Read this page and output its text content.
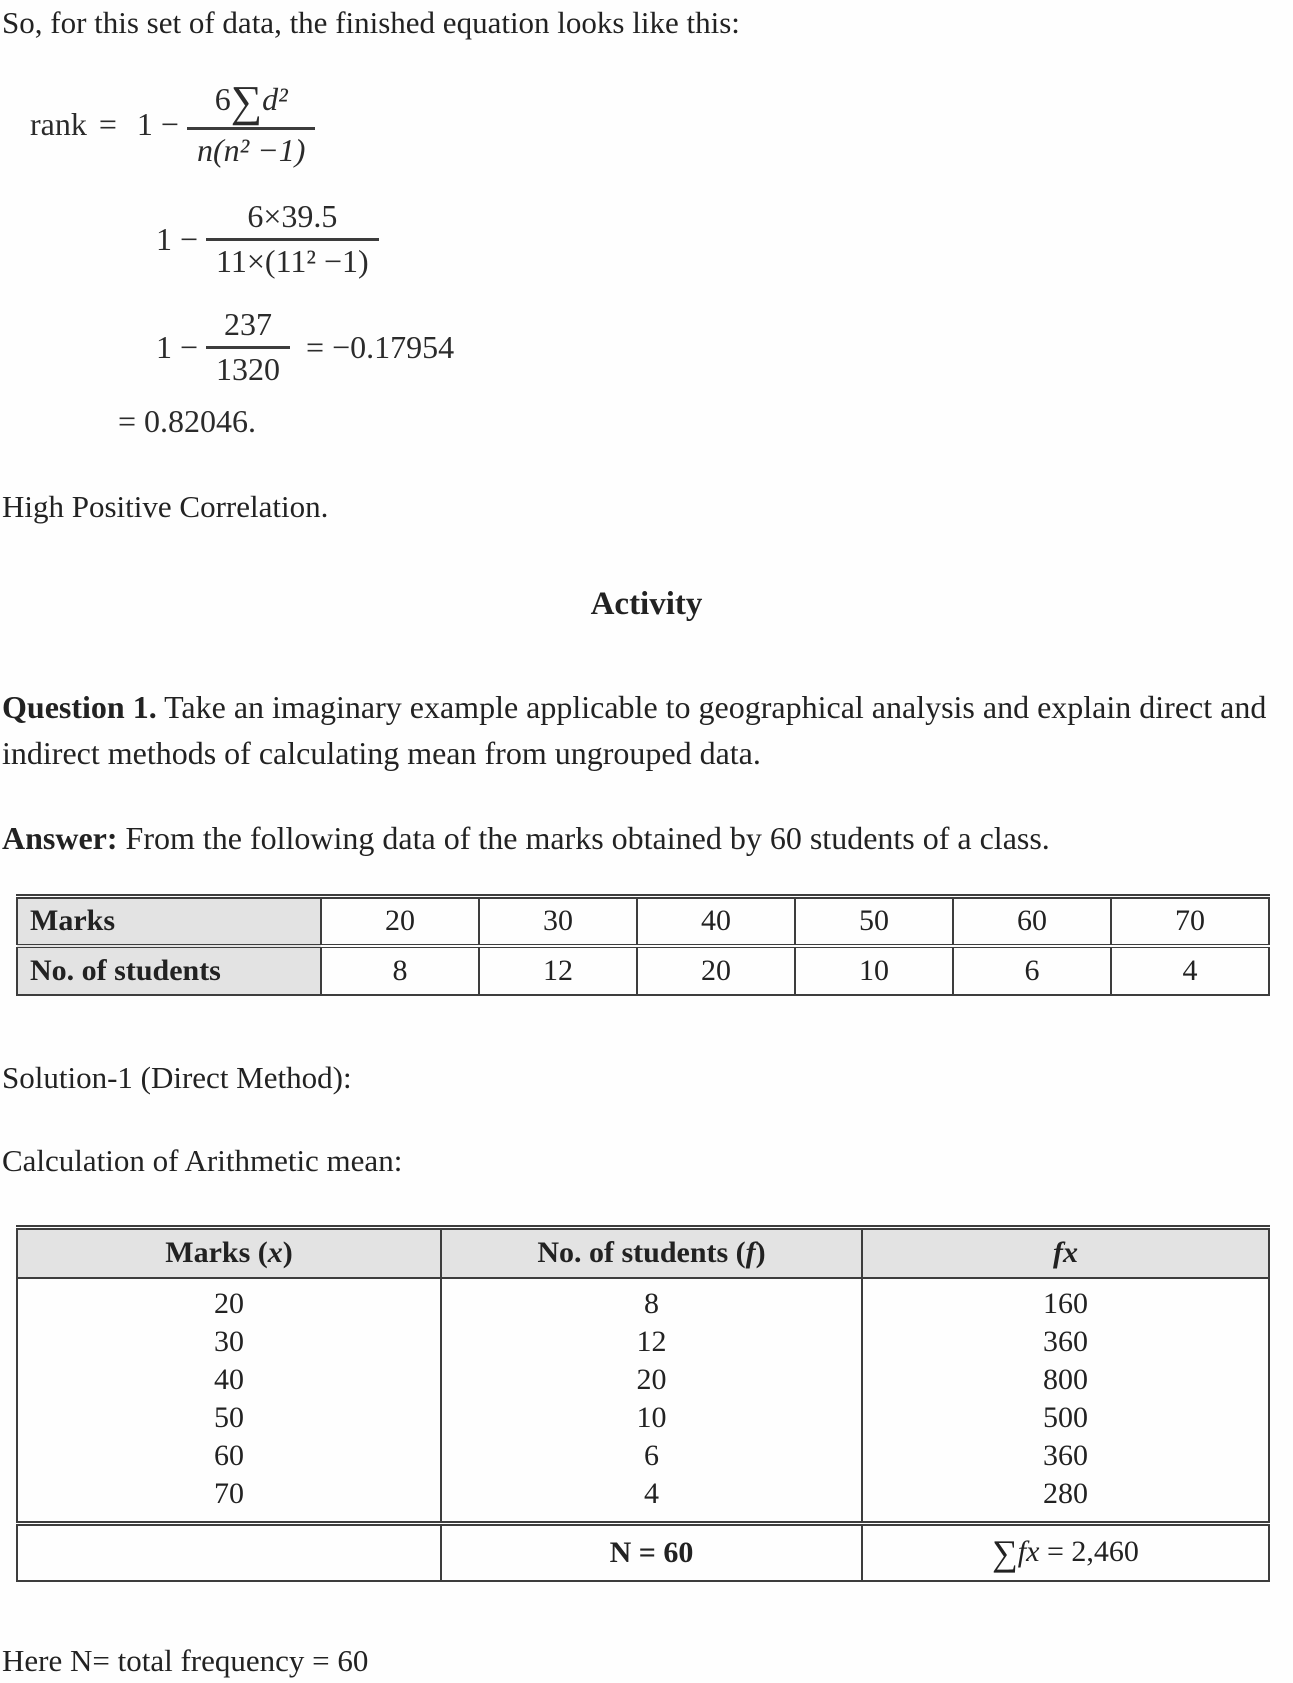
So, for this set of data, the finished equation looks like this:

rank = $1 - \frac{\text{6∑d²}}{\text{n(n² −1)}}$
$1 - \frac{6\times 39.5}{\text{11×(11² −1)}}$
$1 - \frac{237}{1320} = -0.17954$
= 0.82046.

High Positive Correlation.

Activity

Question 1. Take an imaginary example applicable to geographical analysis and explain direct and indirect methods of calculating mean from ungrouped data.

Answer: From the following data of the marks obtained by 60 students of a class.

Marks	20	30	40	50	60	70
No. of students	8	12	20	10	6	4

Solution-1 (Direct Method):

Calculation of Arithmetic mean:

Marks (x)	No. of students (f)	fx
20	8	160
30	12	360
40	20	800
50	10	500
60	6	360
70	4	280
	N = 60	∑fx = 2,460

Here N= total frequency = 60
